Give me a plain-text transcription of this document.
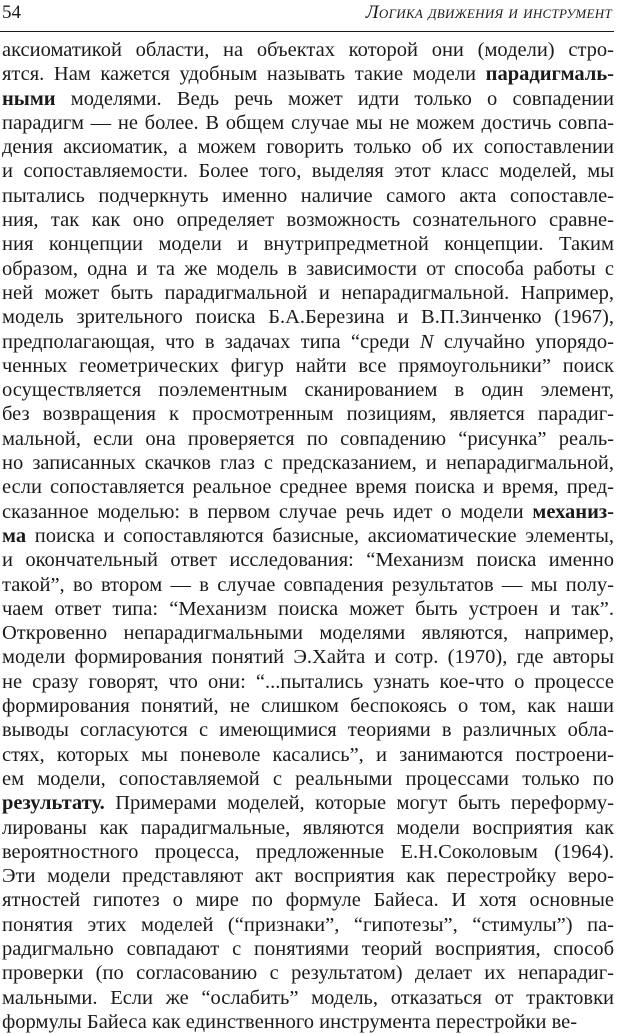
54	Логика движения и инструмент
аксиоматикой области, на объектах которой они (модели) стро-
ятся. Нам кажется удобным называть такие модели парадигмаль-
ными моделями. Ведь речь может идти только о совпадении
парадигм — не более. В общем случае мы не можем достичь совпа-
дения аксиоматик, а можем говорить только об их сопоставлении
и сопоставляемости. Более того, выделяя этот класс моделей, мы
пытались подчеркнуть именно наличие самого акта сопоставле-
ния, так как оно определяет возможность сознательного сравне-
ния концепции модели и внутрипредметной концепции. Таким
образом, одна и та же модель в зависимости от способа работы с
ней может быть парадигмальной и непарадигмальной. Например,
модель зрительного поиска Б.А.Березина и В.П.Зинченко (1967),
предполагающая, что в задачах типа “среди N случайно упорядо-
ченных геометрических фигур найти все прямоугольники” поиск
осуществляется поэлементным сканированием в один элемент,
без возвращения к просмотренным позициям, является парадиг-
мальной, если она проверяется по совпадению “рисунка” реаль-
но записанных скачков глаз с предсказанием, и непарадигмальной,
если сопоставляется реальное среднее время поиска и время, пред-
сказанное моделью: в первом случае речь идет о модели механиз-
ма поиска и сопоставляются базисные, аксиоматические элементы,
и окончательный ответ исследования: “Механизм поиска именно
такой”, во втором — в случае совпадения результатов — мы полу-
чаем ответ типа: “Механизм поиска может быть устроен и так”.
Откровенно непарадигмальными моделями являются, например,
модели формирования понятий Э.Хайта и сотр. (1970), где авторы
не сразу говорят, что они: “...пытались узнать кое-что о процессе
формирования понятий, не слишком беспокоясь о том, как наши
выводы согласуются с имеющимися теориями в различных обла-
стях, которых мы поневоле касались”, и занимаются построени-
ем модели, сопоставляемой с реальными процессами только по
результату. Примерами моделей, которые могут быть переформу-
лированы как парадигмальные, являются модели восприятия как
вероятностного процесса, предложенные Е.Н.Соколовым (1964).
Эти модели представляют акт восприятия как перестройку веро-
ятностей гипотез о мире по формуле Байеса. И хотя основные
понятия этих моделей (“признаки”, “гипотезы”, “стимулы”) па-
радигмально совпадают с понятиями теорий восприятия, способ
проверки (по согласованию с результатом) делает их непарадиг-
мальными. Если же “ослабить” модель, отказаться от трактовки
формулы Байеса как единственного инструмента перестройки ве-
